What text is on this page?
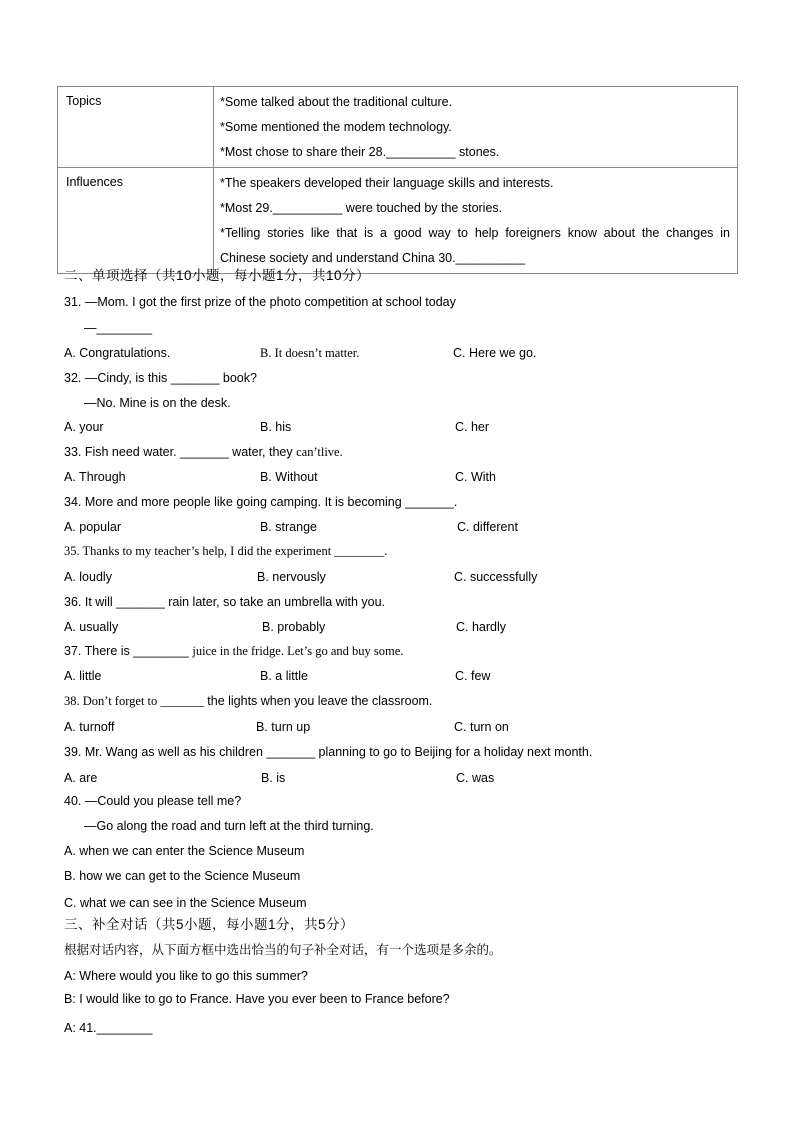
Topics	*Some talked about the traditional culture.
*Some mentioned the modem technology.
*Most chose to share their 28.__________ stones.

Influences	*The speakers developed their language skills and interests.
*Most 29.__________ were touched by the stories.
*Telling stories like that is a good way to help foreigners know about the changes in
Chinese society and understand China 30.__________
二、单项选择（共10小题，每小题1分，共10分）
31. —Mom. I got the first prize of the photo competition at school today
—________
A. Congratulations.	B. It doesn’t matter.	C. Here we go.
32. —Cindy, is this _______ book?
—No. Mine is on the desk.
A. your	B. his	C. her
33. Fish need water. _______ water, they can’tlive.
A. Through	B. Without	C. With
34. More and more people like going camping. It is becoming _______.
A. popular	B. strange	C. different
35. Thanks to my teacher’s help, I did the experiment ________.
A. loudly	B. nervously	C. successfully
36. It will _______ rain later, so take an umbrella with you.
A. usually	B. probably	C. hardly
37. There is ________ juice in the fridge. Let’s go and buy some.
A. little	B. a little	C. few
38. Don’t forget to _______ the lights when you leave the classroom.
A. turnoff	B. turn up	C. turn on
39. Mr. Wang as well as his children _______ planning to go to Beijing for a holiday next month.
A. are	B. is	C. was
40. —Could you please tell me?
—Go along the road and turn left at the third turning.
A. when we can enter the Science Museum
B. how we can get to the Science Museum
C. what we can see in the Science Museum
三、补全对话（共5小题，每小题1分，共5分）
根据对话内容，从下面方框中选出恰当的句子补全对话，有一个选项是多余的。
A: Where would you like to go this summer?
B: I would like to go to France. Have you ever been to France before?
A: 41.________
